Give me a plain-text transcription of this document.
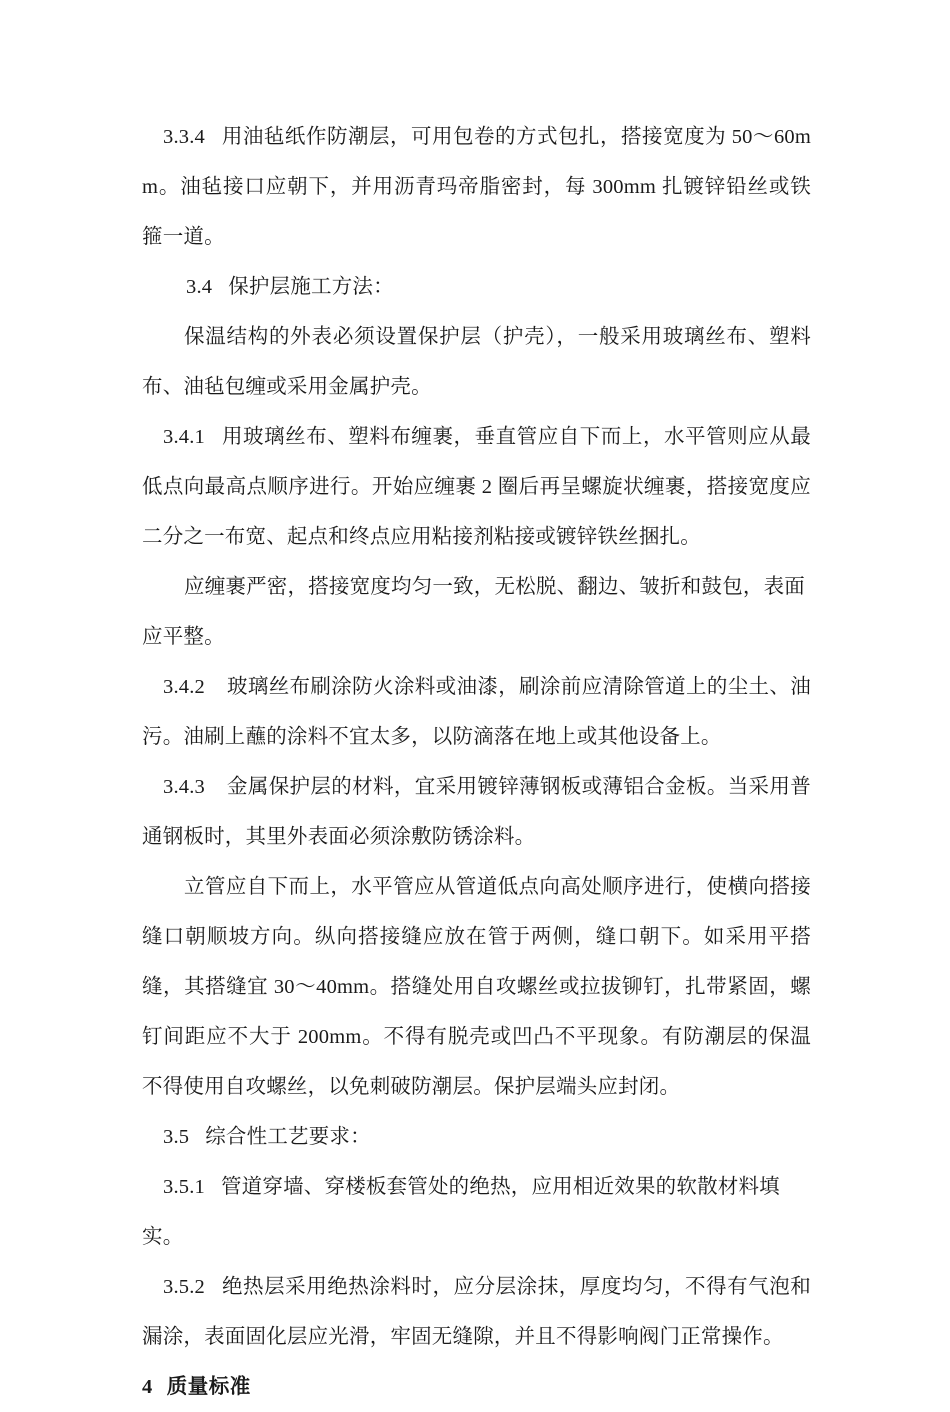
3.3.4 用油毡纸作防潮层，可用包卷的方式包扎，搭接宽度为 50～60mm。油毡接口应朝下，并用沥青玛帝脂密封，每 300mm 扎镀锌铅丝或铁箍一道。

3.4 保护层施工方法：

保温结构的外表必须设置保护层（护壳），一般采用玻璃丝布、塑料布、油毡包缠或采用金属护壳。

3.4.1 用玻璃丝布、塑料布缠裹，垂直管应自下而上，水平管则应从最低点向最高点顺序进行。开始应缠裹 2 圈后再呈螺旋状缠裹，搭接宽度应二分之一布宽、起点和终点应用粘接剂粘接或镀锌铁丝捆扎。

应缠裹严密，搭接宽度均匀一致，无松脱、翻边、皱折和鼓包，表面应平整。

3.4.2 玻璃丝布刷涂防火涂料或油漆，刷涂前应清除管道上的尘土、油污。油刷上蘸的涂料不宜太多，以防滴落在地上或其他设备上。

3.4.3 金属保护层的材料，宜采用镀锌薄钢板或薄铝合金板。当采用普通钢板时，其里外表面必须涂敷防锈涂料。

立管应自下而上，水平管应从管道低点向高处顺序进行，使横向搭接缝口朝顺坡方向。纵向搭接缝应放在管于两侧，缝口朝下。如采用平搭缝，其搭缝宜 30～40mm。搭缝处用自攻螺丝或拉拔铆钉，扎带紧固，螺钉间距应不大于 200mm。不得有脱壳或凹凸不平现象。有防潮层的保温不得使用自攻螺丝，以免刺破防潮层。保护层端头应封闭。

3.5 综合性工艺要求：

3.5.1 管道穿墙、穿楼板套管处的绝热，应用相近效果的软散材料填实。

3.5.2 绝热层采用绝热涂料时，应分层涂抹，厚度均匀，不得有气泡和漏涂，表面固化层应光滑，牢固无缝隙，并且不得影响阀门正常操作。

4 质量标准
